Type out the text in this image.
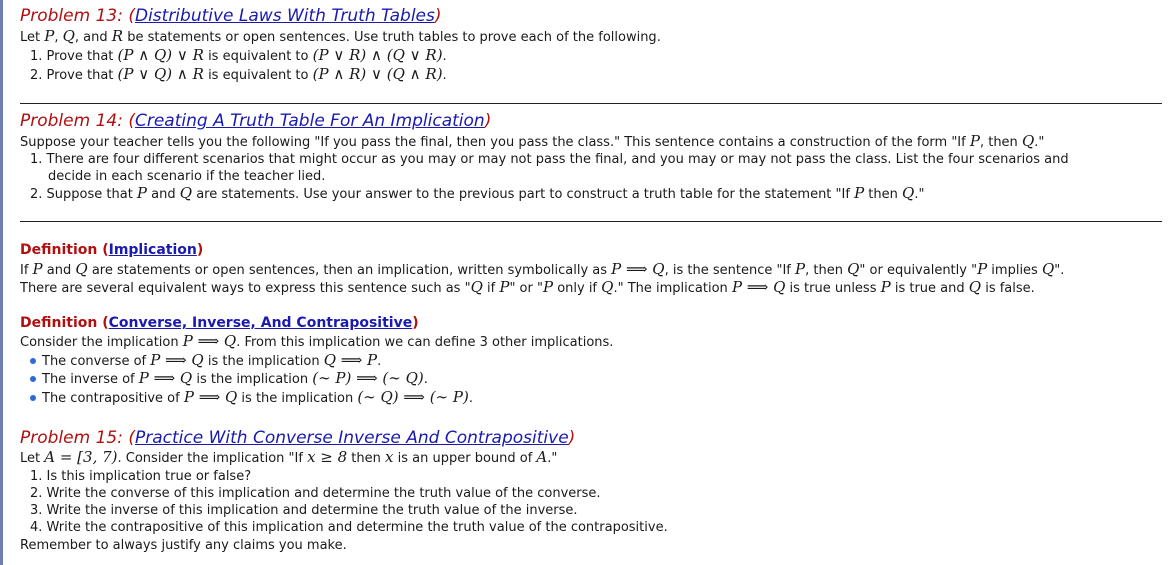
Problem 13: (Distributive Laws With Truth Tables)
Let P, Q, and R be statements or open sentences. Use truth tables to prove each of the following.
1. Prove that (P ∧ Q) ∨ R is equivalent to (P ∨ R) ∧ (Q ∨ R).
2. Prove that (P ∨ Q) ∧ R is equivalent to (P ∧ R) ∨ (Q ∧ R).
Problem 14: (Creating A Truth Table For An Implication)
Suppose your teacher tells you the following "If you pass the final, then you pass the class." This sentence contains a construction of the form "If P, then Q."
1. There are four different scenarios that might occur as you may or may not pass the final, and you may or may not pass the class. List the four scenarios and
decide in each scenario if the teacher lied.
2. Suppose that P and Q are statements. Use your answer to the previous part to construct a truth table for the statement "If P then Q."
Definition (Implication)
If P and Q are statements or open sentences, then an implication, written symbolically as P ⟹ Q, is the sentence "If P, then Q" or equivalently "P implies Q".
There are several equivalent ways to express this sentence such as "Q if P" or "P only if Q." The implication P ⟹ Q is true unless P is true and Q is false.
Definition (Converse, Inverse, And Contrapositive)
Consider the implication P ⟹ Q. From this implication we can define 3 other implications.
The converse of P ⟹ Q is the implication Q ⟹ P.
The inverse of P ⟹ Q is the implication (∼ P) ⟹ (∼ Q).
The contrapositive of P ⟹ Q is the implication (∼ Q) ⟹ (∼ P).
Problem 15: (Practice With Converse Inverse And Contrapositive)
Let A = [3, 7). Consider the implication "If x ≥ 8 then x is an upper bound of A."
1. Is this implication true or false?
2. Write the converse of this implication and determine the truth value of the converse.
3. Write the inverse of this implication and determine the truth value of the inverse.
4. Write the contrapositive of this implication and determine the truth value of the contrapositive.
Remember to always justify any claims you make.
